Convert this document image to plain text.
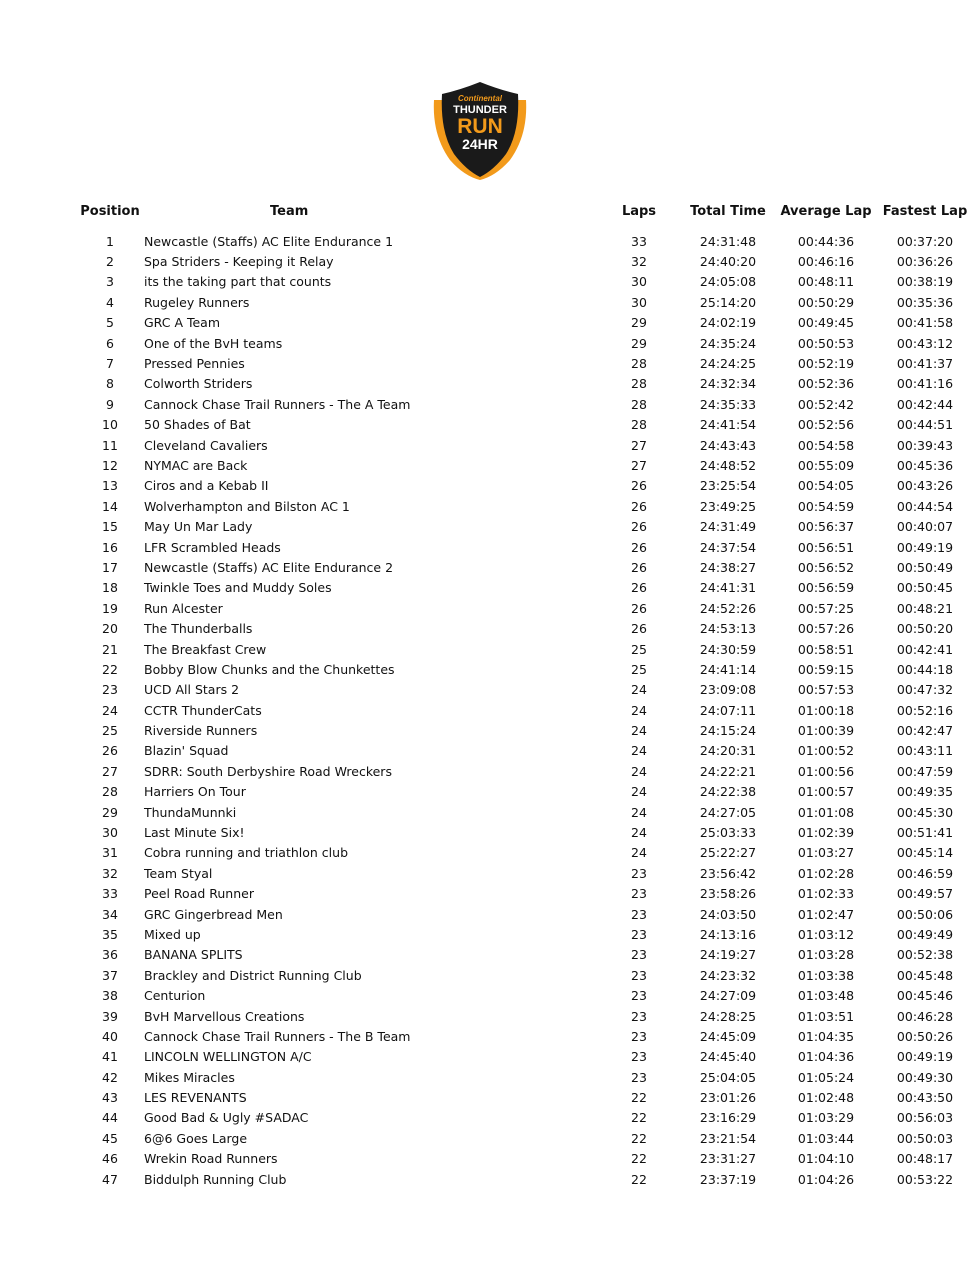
Continental
THUNDER
RUN
24HR
Position	Team	Laps	Total Time	Average Lap	Fastest Lap

1	Newcastle (Staffs) AC Elite Endurance 1	33	24:31:48	00:44:36	00:37:20
2	Spa Striders - Keeping it Relay	32	24:40:20	00:46:16	00:36:26
3	its the taking part that counts	30	24:05:08	00:48:11	00:38:19
4	Rugeley Runners	30	25:14:20	00:50:29	00:35:36
5	GRC A Team	29	24:02:19	00:49:45	00:41:58
6	One of the BvH teams	29	24:35:24	00:50:53	00:43:12
7	Pressed Pennies	28	24:24:25	00:52:19	00:41:37
8	Colworth Striders	28	24:32:34	00:52:36	00:41:16
9	Cannock Chase Trail Runners - The A Team	28	24:35:33	00:52:42	00:42:44
10	50 Shades of Bat	28	24:41:54	00:52:56	00:44:51
11	Cleveland Cavaliers	27	24:43:43	00:54:58	00:39:43
12	NYMAC are Back	27	24:48:52	00:55:09	00:45:36
13	Ciros and a Kebab II	26	23:25:54	00:54:05	00:43:26
14	Wolverhampton and Bilston AC 1	26	23:49:25	00:54:59	00:44:54
15	May Un Mar Lady	26	24:31:49	00:56:37	00:40:07
16	LFR Scrambled Heads	26	24:37:54	00:56:51	00:49:19
17	Newcastle (Staffs) AC Elite Endurance 2	26	24:38:27	00:56:52	00:50:49
18	Twinkle Toes and Muddy Soles	26	24:41:31	00:56:59	00:50:45
19	Run Alcester	26	24:52:26	00:57:25	00:48:21
20	The Thunderballs	26	24:53:13	00:57:26	00:50:20
21	The Breakfast Crew	25	24:30:59	00:58:51	00:42:41
22	Bobby Blow Chunks and the Chunkettes	25	24:41:14	00:59:15	00:44:18
23	UCD All Stars 2	24	23:09:08	00:57:53	00:47:32
24	CCTR ThunderCats	24	24:07:11	01:00:18	00:52:16
25	Riverside Runners	24	24:15:24	01:00:39	00:42:47
26	Blazin' Squad	24	24:20:31	01:00:52	00:43:11
27	SDRR: South Derbyshire Road Wreckers	24	24:22:21	01:00:56	00:47:59
28	Harriers On Tour	24	24:22:38	01:00:57	00:49:35
29	ThundaMunnki	24	24:27:05	01:01:08	00:45:30
30	Last Minute Six!	24	25:03:33	01:02:39	00:51:41
31	Cobra running and triathlon club	24	25:22:27	01:03:27	00:45:14
32	Team Styal	23	23:56:42	01:02:28	00:46:59
33	Peel Road Runner	23	23:58:26	01:02:33	00:49:57
34	GRC Gingerbread Men	23	24:03:50	01:02:47	00:50:06
35	Mixed up	23	24:13:16	01:03:12	00:49:49
36	BANANA SPLITS	23	24:19:27	01:03:28	00:52:38
37	Brackley and District Running Club	23	24:23:32	01:03:38	00:45:48
38	Centurion	23	24:27:09	01:03:48	00:45:46
39	BvH Marvellous Creations	23	24:28:25	01:03:51	00:46:28
40	Cannock Chase Trail Runners - The B Team	23	24:45:09	01:04:35	00:50:26
41	LINCOLN WELLINGTON A/C	23	24:45:40	01:04:36	00:49:19
42	Mikes Miracles	23	25:04:05	01:05:24	00:49:30
43	LES REVENANTS	22	23:01:26	01:02:48	00:43:50
44	Good Bad & Ugly #SADAC	22	23:16:29	01:03:29	00:56:03
45	6@6 Goes Large	22	23:21:54	01:03:44	00:50:03
46	Wrekin Road Runners	22	23:31:27	01:04:10	00:48:17
47	Biddulph Running Club	22	23:37:19	01:04:26	00:53:22
